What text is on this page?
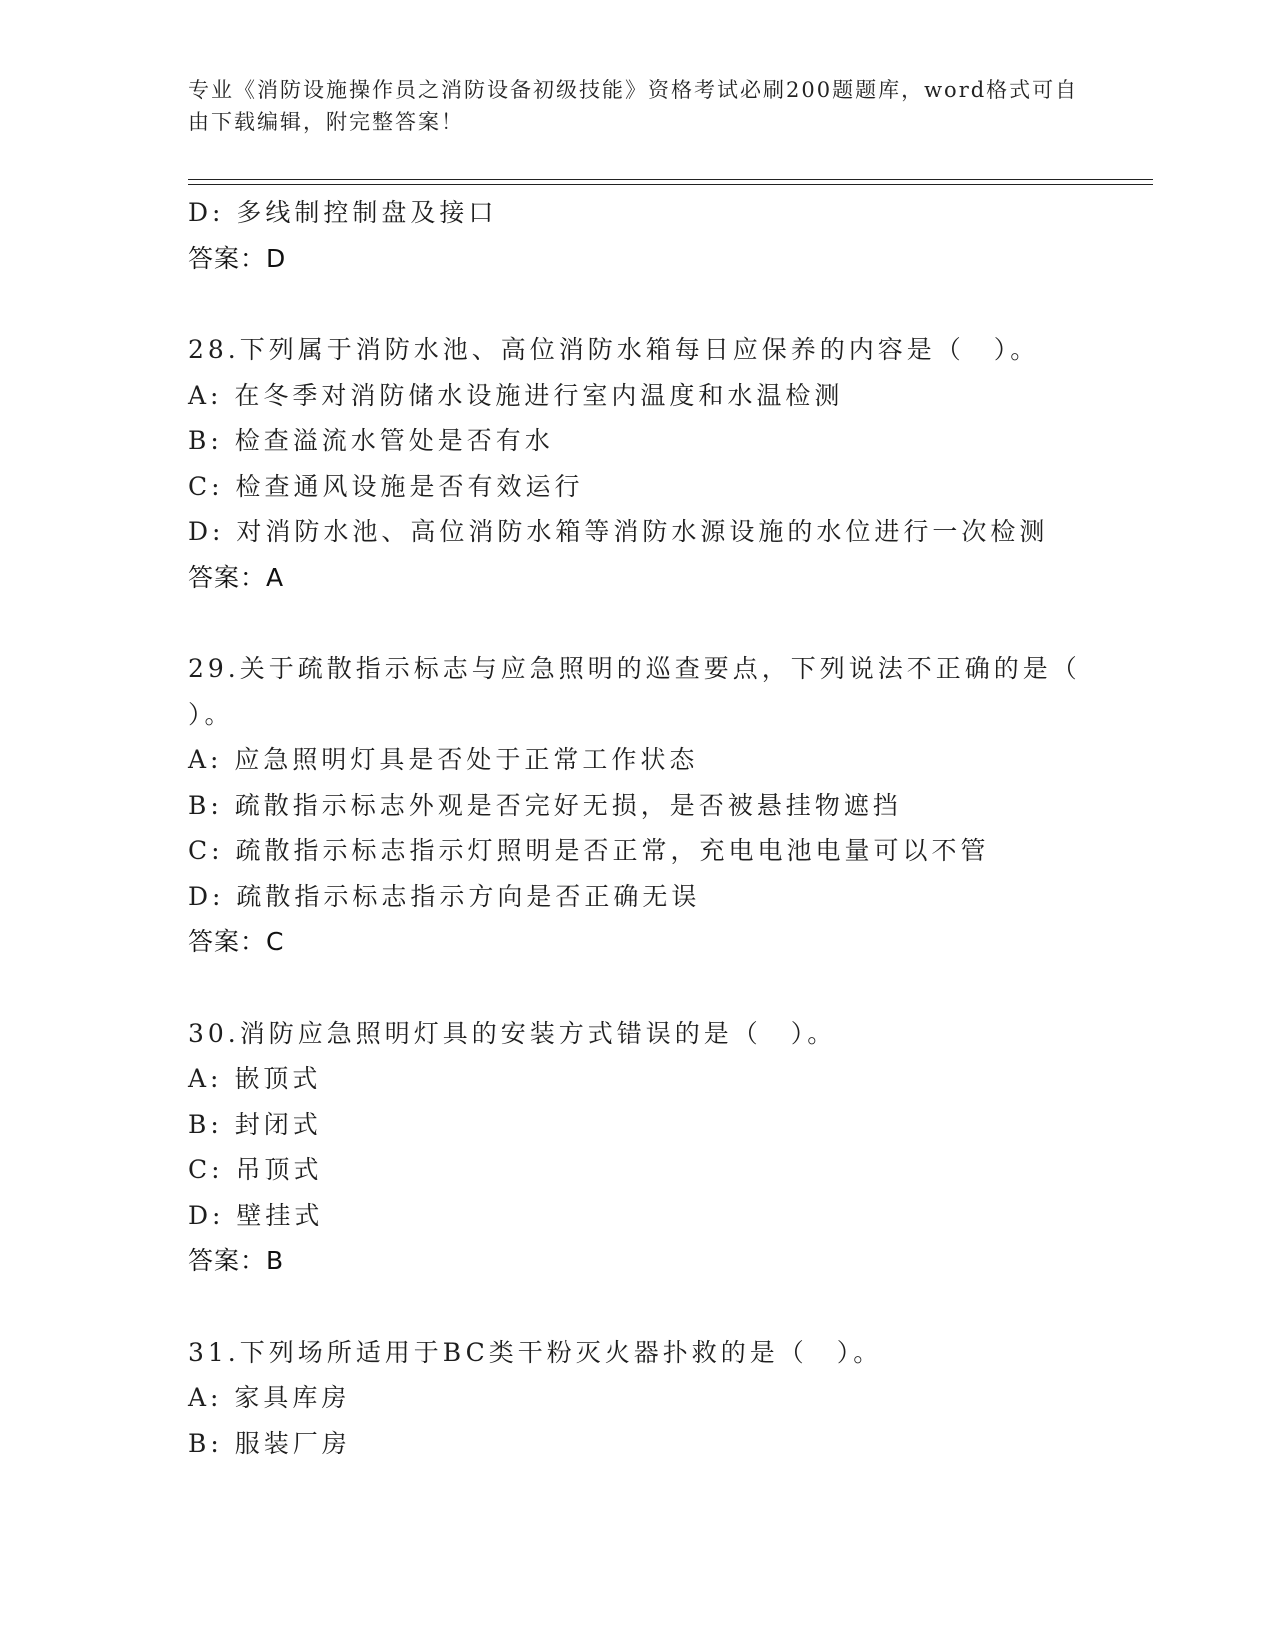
专业《消防设施操作员之消防设备初级技能》资格考试必刷200题题库，word格式可自由下载编辑，附完整答案！
D: 多线制控制盘及接口
答案：D
28.下列属于消防水池、高位消防水箱每日应保养的内容是（　）。
A: 在冬季对消防储水设施进行室内温度和水温检测
B: 检查溢流水管处是否有水
C: 检查通风设施是否有效运行
D: 对消防水池、高位消防水箱等消防水源设施的水位进行一次检测
答案：A
29.关于疏散指示标志与应急照明的巡查要点，下列说法不正确的是（
）。
A: 应急照明灯具是否处于正常工作状态
B: 疏散指示标志外观是否完好无损，是否被悬挂物遮挡
C: 疏散指示标志指示灯照明是否正常，充电电池电量可以不管
D: 疏散指示标志指示方向是否正确无误
答案：C
30.消防应急照明灯具的安装方式错误的是（　）。
A: 嵌顶式
B: 封闭式
C: 吊顶式
D: 壁挂式
答案：B
31.下列场所适用于BC类干粉灭火器扑救的是（　）。
A: 家具库房
B: 服装厂房
